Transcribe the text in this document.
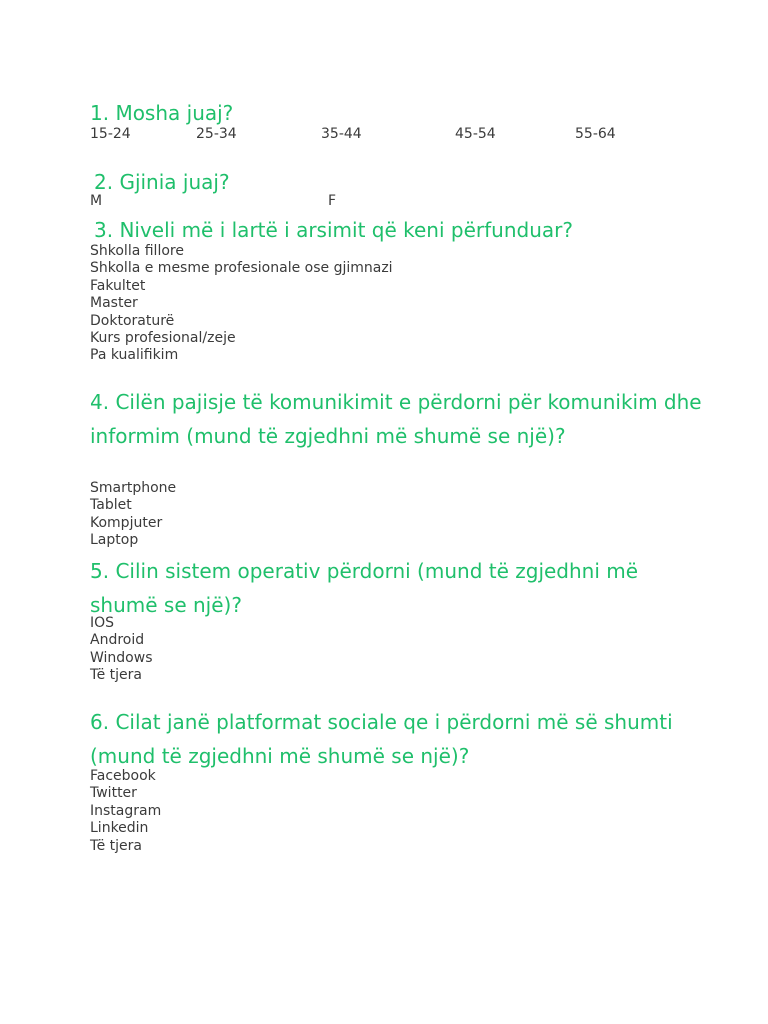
1. Mosha juaj?
15-24	25-34	35-44	45-54	55-64
2. Gjinia juaj?
M	F
3. Niveli më i lartë i arsimit që keni përfunduar?

Shkolla fillore

Shkolla e mesme profesionale ose gjimnazi

Fakultet

Master

Doktoraturë

Kurs profesional/zeje

Pa kualifikim

4. Cilën pajisje të komunikimit e përdorni për komunikim dhe informim (mund të zgjedhni më shumë se një)?

Smartphone

Tablet

Kompjuter

Laptop

5. Cilin sistem operativ përdorni (mund të zgjedhni më shumë se një)?

IOS

Android

Windows

Të tjera

6. Cilat janë platformat sociale qe i përdorni më së shumti (mund të zgjedhni më shumë se një)?

Facebook

Twitter

Instagram

Linkedin

Të tjera
